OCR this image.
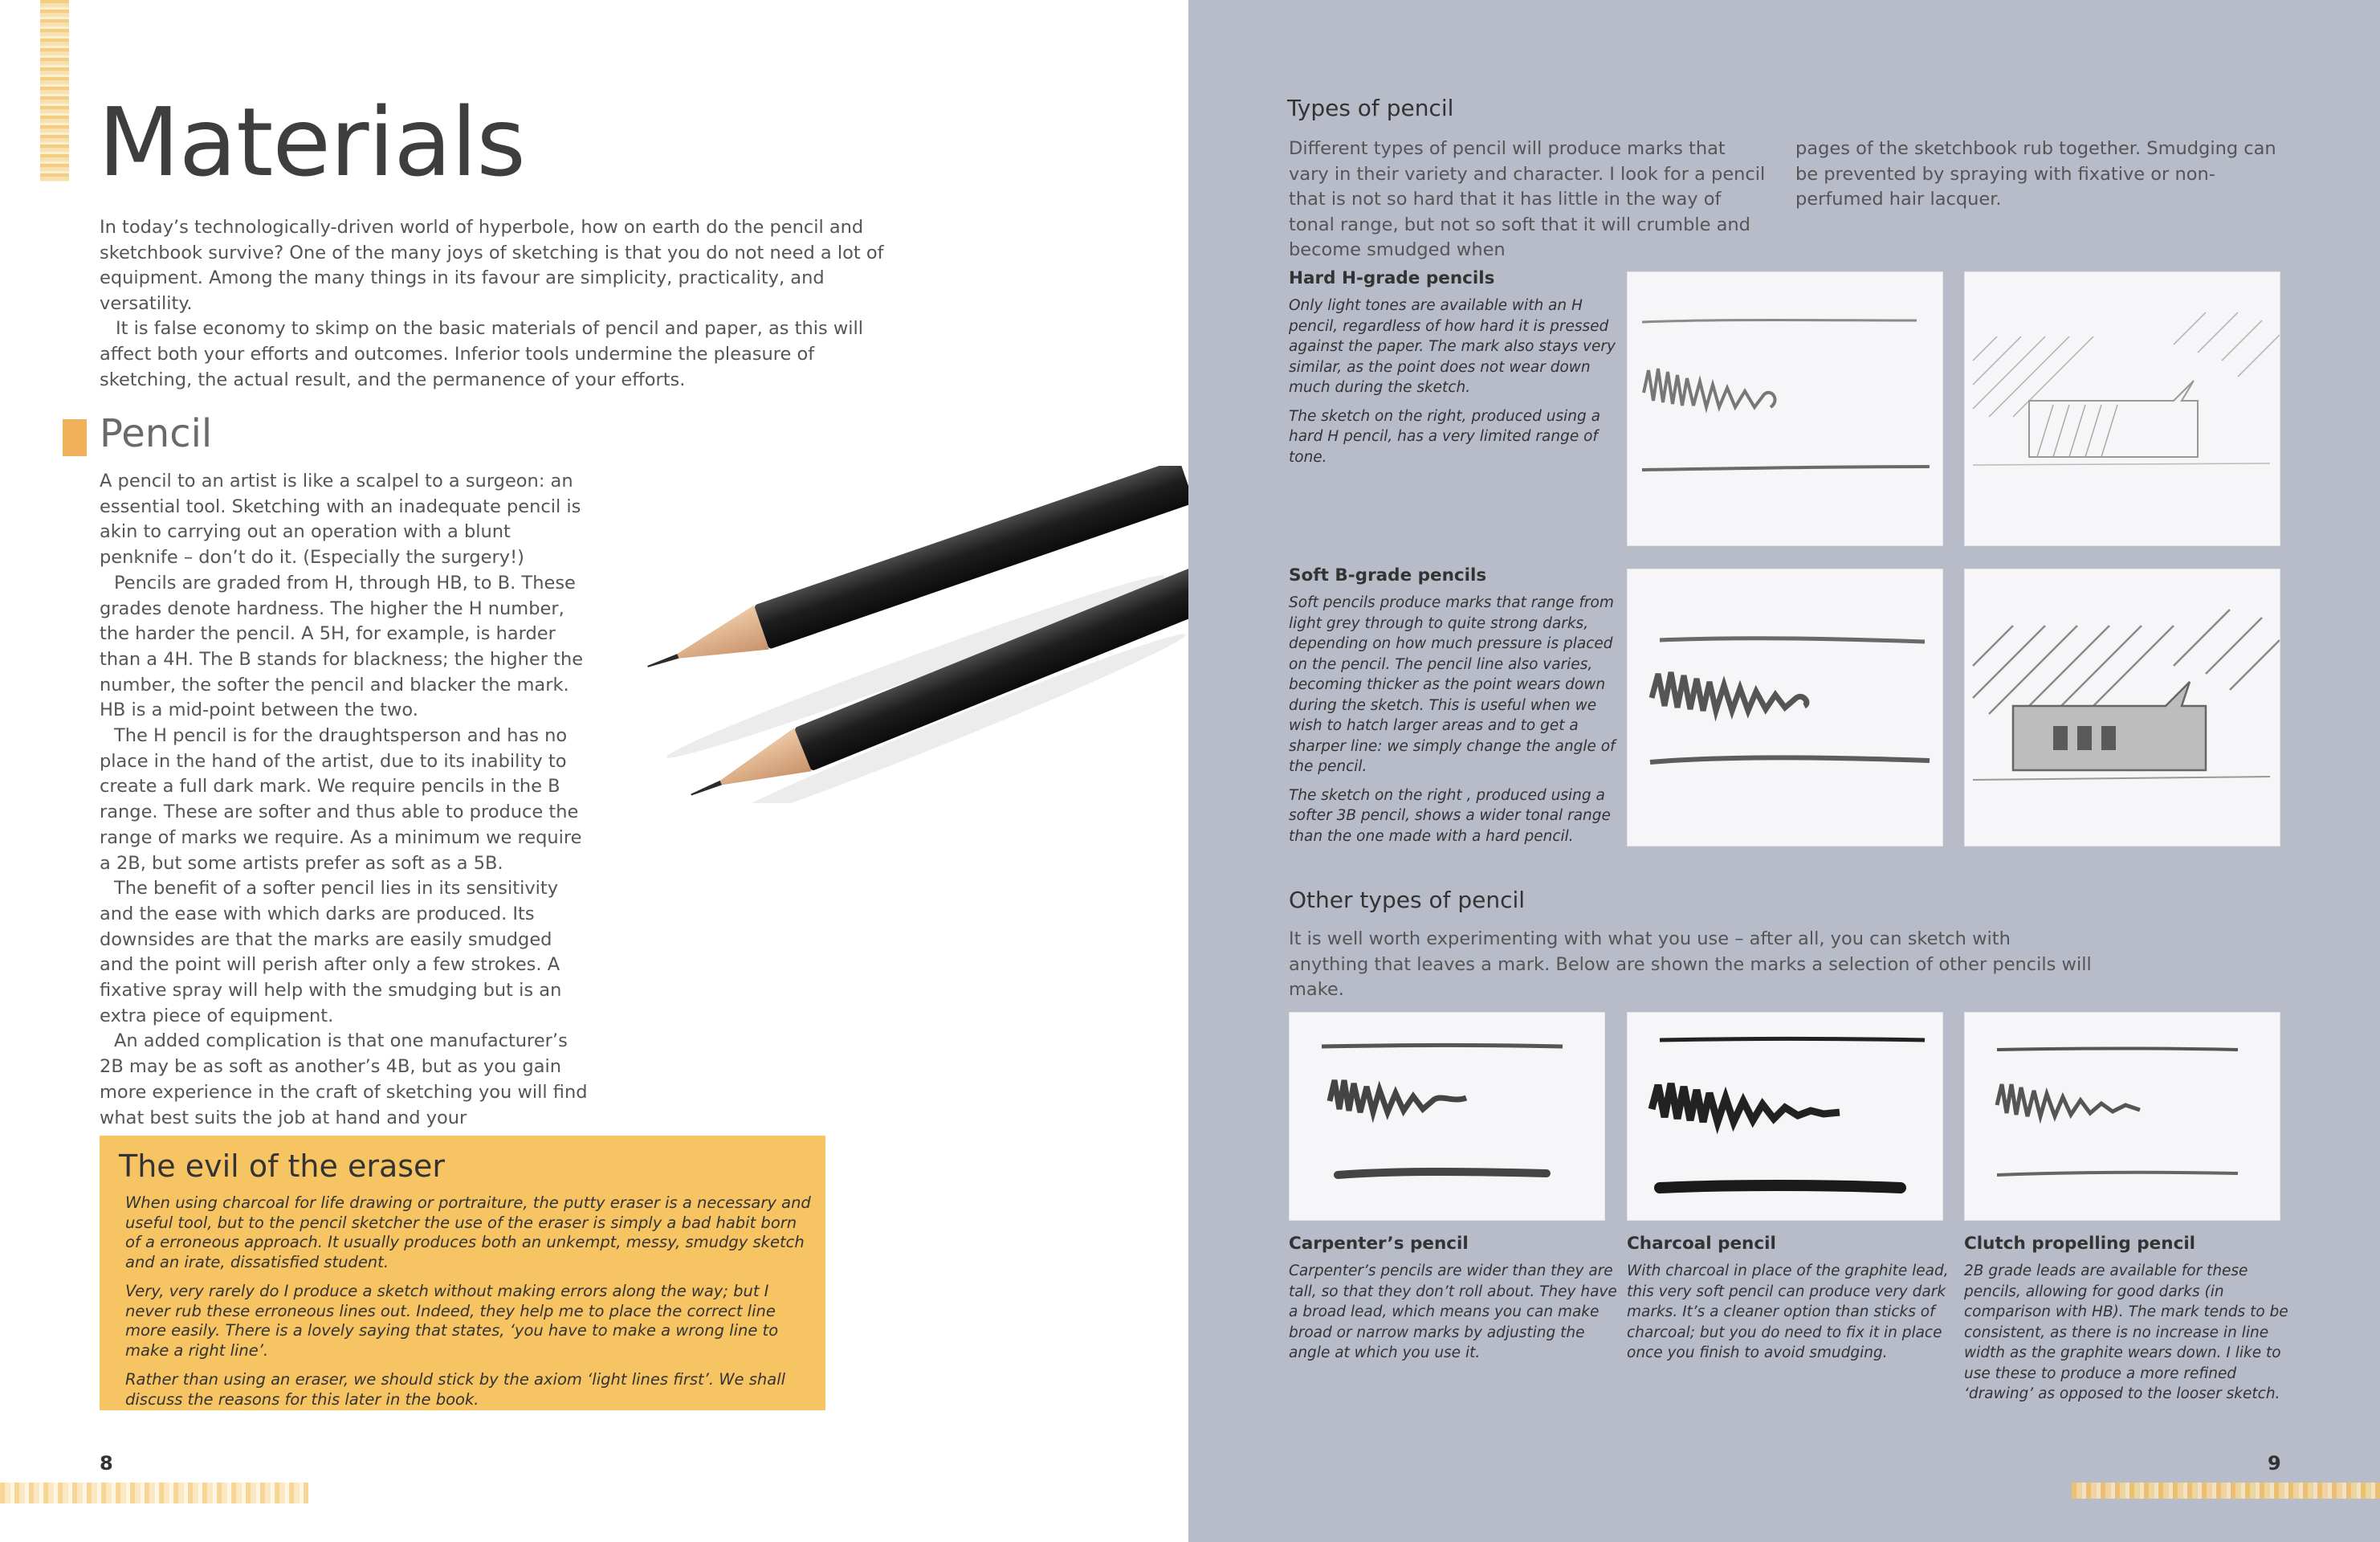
Materials

In today’s technologically-driven world of hyperbole, how on earth do the pencil and sketchbook survive? One of the many joys of sketching is that you do not need a lot of equipment. Among the many things in its favour are simplicity, practicality, and versatility.

It is false economy to skimp on the basic materials of pencil and paper, as this will affect both your efforts and outcomes. Inferior tools undermine the pleasure of sketching, the actual result, and the permanence of your efforts.

Pencil

A pencil to an artist is like a scalpel to a surgeon: an essential tool. Sketching with an inadequate pencil is akin to carrying out an operation with a blunt penknife – don’t do it. (Especially the surgery!)

Pencils are graded from H, through HB, to B. These grades denote hardness. The higher the H number, the harder the pencil. A 5H, for example, is harder than a 4H. The B stands for blackness; the higher the number, the softer the pencil and blacker the mark. HB is a mid-point between the two.

The H pencil is for the draughtsperson and has no place in the hand of the artist, due to its inability to create a full dark mark. We require pencils in the B range. These are softer and thus able to produce the range of marks we require. As a minimum we require a 2B, but some artists prefer as soft as a 5B.

The benefit of a softer pencil lies in its sensitivity and the ease with which darks are produced. Its downsides are that the marks are easily smudged and the point will perish after only a few strokes. A fixative spray will help with the smudging but is an extra piece of equipment.

An added complication is that one manufacturer’s 2B may be as soft as another’s 4B, but as you gain more experience in the craft of sketching you will find what best suits the job at hand and your

The evil of the eraser

When using charcoal for life drawing or portraiture, the putty eraser is a necessary and useful tool, but to the pencil sketcher the use of the eraser is simply a bad habit born of a erroneous approach. It usually produces both an unkempt, messy, smudgy sketch and an irate, dissatisfied student.

Very, very rarely do I produce a sketch without making errors along the way; but I never rub these erroneous lines out. Indeed, they help me to place the correct line more easily. There is a lovely saying that states, ‘you have to make a wrong line to make a right line’.

Rather than using an eraser, we should stick by the axiom ‘light lines first’. We shall discuss the reasons for this later in the book.

8
Types of pencil
Different types of pencil will produce marks that vary in their variety and character. I look for a pencil that is not so hard that it has little in the way of tonal range, but not so soft that it will crumble and become smudged when
pages of the sketchbook rub together. Smudging can be prevented by spraying with fixative or non-perfumed hair lacquer.
Hard H-grade pencils

Only light tones are available with an H pencil, regardless of how hard it is pressed against the paper. The mark also stays very similar, as the point does not wear down much during the sketch.

The sketch on the right, produced using a hard H pencil, has a very limited range of tone.

Soft B-grade pencils

Soft pencils produce marks that range from light grey through to quite strong darks, depending on how much pressure is placed on the pencil. The pencil line also varies, becoming thicker as the point wears down during the sketch. This is useful when we wish to hatch larger areas and to get a sharper line: we simply change the angle of the pencil.

The sketch on the right , produced using a softer 3B pencil, shows a wider tonal range than the one made with a hard pencil.

Other types of pencil

It is well worth experimenting with what you use – after all, you can sketch with anything that leaves a mark. Below are shown the marks a selection of other pencils will make.

Carpenter’s pencil

Carpenter’s pencils are wider than they are tall, so that they don’t roll about. They have a broad lead, which means you can make broad or narrow marks by adjusting the angle at which you use it.

Charcoal pencil

With charcoal in place of the graphite lead, this very soft pencil can produce very dark marks. It’s a cleaner option than sticks of charcoal; but you do need to fix it in place once you finish to avoid smudging.

Clutch propelling pencil

2B grade leads are available for these pencils, allowing for good darks (in comparison with HB). The mark tends to be consistent, as there is no increase in line width as the graphite wears down. I like to use these to produce a more refined ‘drawing’ as opposed to the looser sketch.

9
